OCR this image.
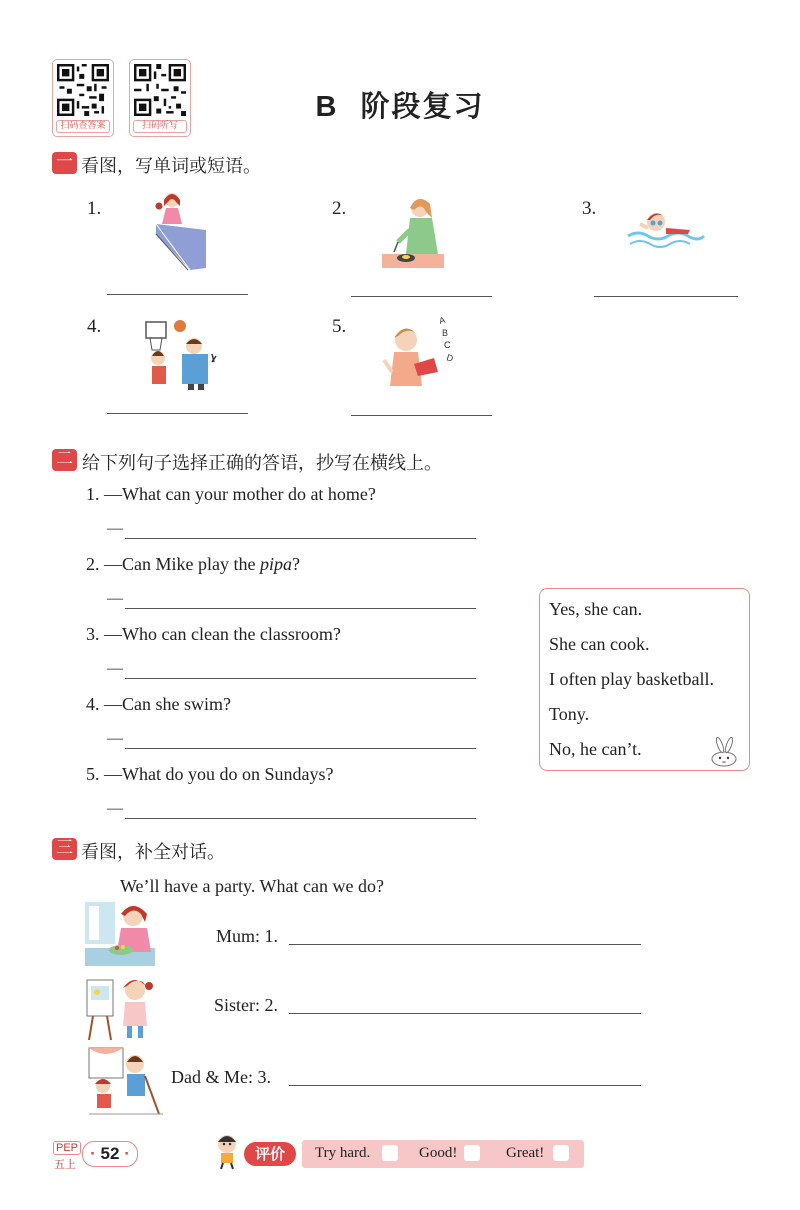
扫码查答案	扫码听写
B 阶段复习
一 看图，写单词或短语。
1.	2.	3.
4.	5.	A
B
C
D
二 给下列句子选择正确的答语，抄写在横线上。
1. —What can your mother do at home?
—
2. —Can Mike play the pipa?
—
3. —Who can clean the classroom?
—
4. —Can she swim?
—
5. —What do you do on Sundays?
—
Yes, she can.
She can cook.
I often play basketball.
Tony.
No, he can’t.
三 看图，补全对话。
We’ll have a party. What can we do?
Mum: 1.
Sister: 2.
Dad & Me: 3.
PEP
五上
· 52 ·	评价	Try hard.	Good!	Great!
